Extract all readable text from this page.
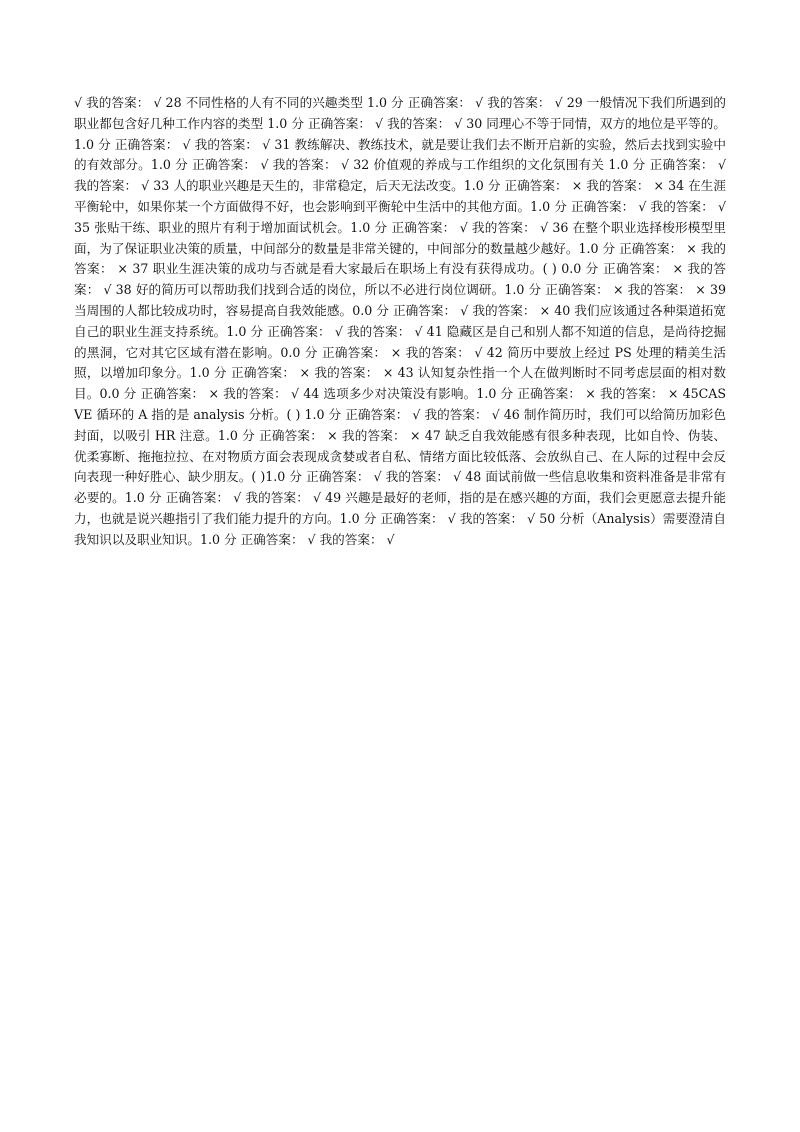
√ 我的答案： √ 28 不同性格的人有不同的兴趣类型 1.0 分 正确答案： √ 我的答案： √ 29 一般情况下我们所遇到的职业都包含好几种工作内容的类型 1.0 分 正确答案： √ 我的答案： √ 30 同理心不等于同情，双方的地位是平等的。1.0 分 正确答案： √ 我的答案： √ 31 教练解决、教练技术，就是要让我们去不断开启新的实验，然后去找到实验中的有效部分。1.0 分 正确答案： √ 我的答案： √ 32 价值观的养成与工作组织的文化氛围有关 1.0 分 正确答案： √ 我的答案： √ 33 人的职业兴趣是天生的，非常稳定，后天无法改变。1.0 分 正确答案： × 我的答案： × 34 在生涯平衡轮中，如果你某一个方面做得不好，也会影响到平衡轮中生活中的其他方面。1.0 分 正确答案： √ 我的答案： √ 35 张贴干练、职业的照片有利于增加面试机会。1.0 分 正确答案： √ 我的答案： √ 36 在整个职业选择梭形模型里面，为了保证职业决策的质量，中间部分的数量是非常关键的，中间部分的数量越少越好。1.0 分 正确答案： × 我的答案： × 37 职业生涯决策的成功与否就是看大家最后在职场上有没有获得成功。( ) 0.0 分 正确答案： × 我的答案： √ 38 好的简历可以帮助我们找到合适的岗位，所以不必进行岗位调研。1.0 分 正确答案： × 我的答案： × 39 当周围的人都比较成功时，容易提高自我效能感。0.0 分 正确答案： √ 我的答案： × 40 我们应该通过各种渠道拓宽自己的职业生涯支持系统。1.0 分 正确答案： √ 我的答案： √ 41 隐藏区是自己和别人都不知道的信息，是尚待挖掘的黑洞，它对其它区域有潜在影响。0.0 分 正确答案： × 我的答案： √ 42 简历中要放上经过 PS 处理的精美生活照，以增加印象分。1.0 分 正确答案： × 我的答案： × 43 认知复杂性指一个人在做判断时不同考虑层面的相对数目。0.0 分 正确答案： × 我的答案： √ 44 选项多少对决策没有影响。1.0 分 正确答案： × 我的答案： × 45CASVE 循环的 A 指的是 analysis 分析。( ) 1.0 分 正确答案： √ 我的答案： √ 46 制作简历时，我们可以给简历加彩色封面，以吸引 HR 注意。1.0 分 正确答案： × 我的答案： × 47 缺乏自我效能感有很多种表现，比如自怜、伪装、优柔寡断、拖拖拉拉、在对物质方面会表现成贪婪或者自私、情绪方面比较低落、会放纵自己、在人际的过程中会反向表现一种好胜心、缺少朋友。( )1.0 分 正确答案： √ 我的答案： √ 48 面试前做一些信息收集和资料准备是非常有必要的。1.0 分 正确答案： √ 我的答案： √ 49 兴趣是最好的老师，指的是在感兴趣的方面，我们会更愿意去提升能力，也就是说兴趣指引了我们能力提升的方向。1.0 分 正确答案： √ 我的答案： √ 50 分析（Analysis）需要澄清自我知识以及职业知识。1.0 分 正确答案： √ 我的答案： √
